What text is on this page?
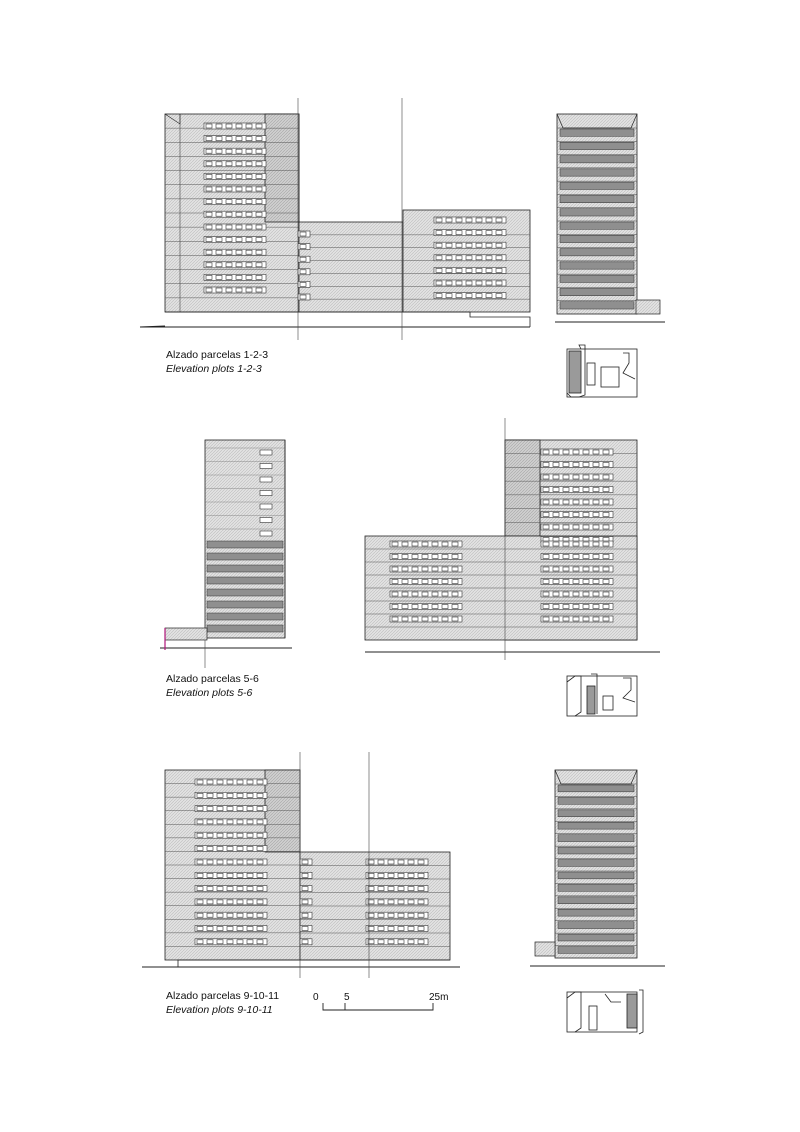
Alzado parcelas 1-2-3
Elevation plots 1-2-3
Alzado parcelas 5-6
Elevation plots 5-6
Alzado parcelas 9-10-11
Elevation plots 9-10-11
0	5	25m
